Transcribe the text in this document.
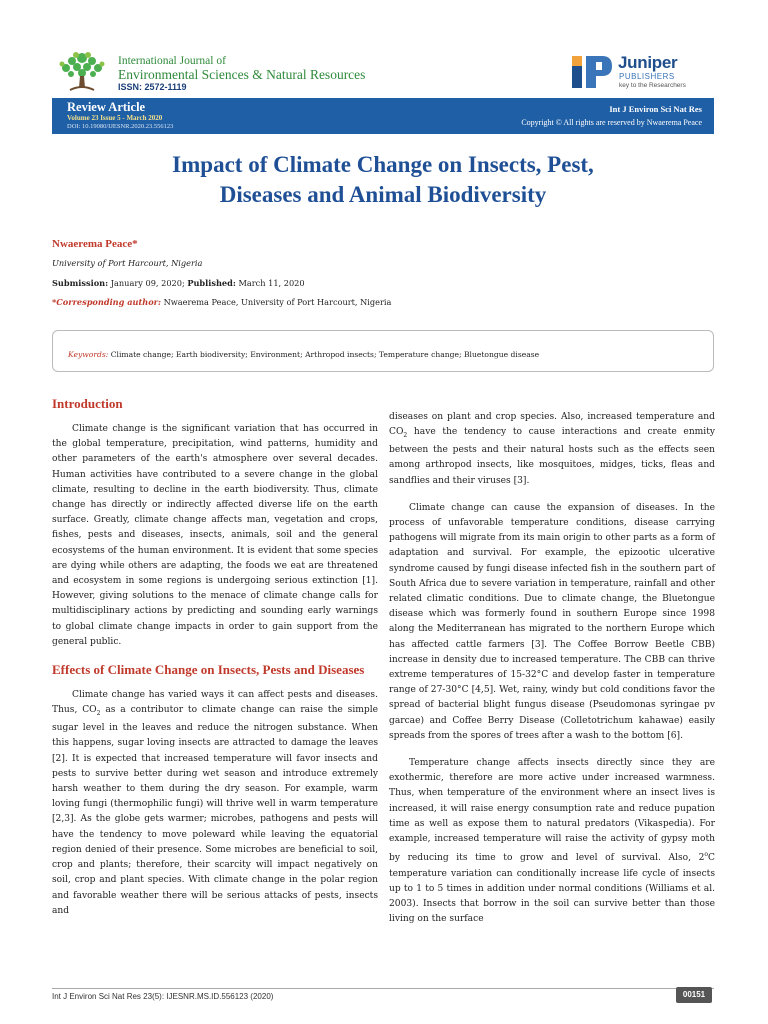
International Journal of
Environmental Sciences & Natural Resources
ISSN: 2572-1119
Juniper
PUBLISHERS
key to the Researchers
Review Article
Volume 23 Issue 5 - March 2020
DOI: 10.19080/IJESNR.2020.23.556123
Int J Environ Sci Nat Res
Copyright © All rights are reserved by Nwaerema Peace
Impact of Climate Change on Insects, Pest,
Diseases and Animal Biodiversity
Nwaerema Peace*
University of Port Harcourt, Nigeria
Submission: January 09, 2020; Published: March 11, 2020
*Corresponding author: Nwaerema Peace, University of Port Harcourt, Nigeria
Keywords: Climate change; Earth biodiversity; Environment; Arthropod insects; Temperature change; Bluetongue disease
Introduction

Climate change is the significant variation that has occurred in the global temperature, precipitation, wind patterns, humidity and other parameters of the earth's atmosphere over several decades. Human activities have contributed to a severe change in the global climate, resulting to decline in the earth biodiversity. Thus, climate change has directly or indirectly affected diverse life on the earth surface. Greatly, climate change affects man, vegetation and crops, fishes, pests and diseases, insects, animals, soil and the general ecosystems of the human environment. It is evident that some species are dying while others are adapting, the foods we eat are threatened and ecosystem in some regions is undergoing serious extinction [1]. However, giving solutions to the menace of climate change calls for multidisciplinary actions by predicting and sounding early warnings to global climate change impacts in order to gain support from the general public.

Effects of Climate Change on Insects, Pests and Diseases

Climate change has varied ways it can affect pests and diseases. Thus, $CO_2$ as a contributor to climate change can raise the simple sugar level in the leaves and reduce the nitrogen substance. When this happens, sugar loving insects are attracted to damage the leaves [2]. It is expected that increased temperature will favor insects and pests to survive better during wet season and introduce extremely harsh weather to them during the dry season. For example, warm loving fungi (thermophilic fungi) will thrive well in warm temperature [2,3]. As the globe gets warmer; microbes, pathogens and pests will have the tendency to move poleward while leaving the equatorial region denied of their presence. Some microbes are beneficial to soil, crop and plants; therefore, their scarcity will impact negatively on soil, crop and plant species. With climate change in the polar region and favorable weather there will be serious attacks of pests, insects and

diseases on plant and crop species. Also, increased temperature and $CO_2$ have the tendency to cause interactions and create enmity between the pests and their natural hosts such as the effects seen among arthropod insects, like mosquitoes, midges, ticks, fleas and sandflies and their viruses [3].

Climate change can cause the expansion of diseases. In the process of unfavorable temperature conditions, disease carrying pathogens will migrate from its main origin to other parts as a form of adaptation and survival. For example, the epizootic ulcerative syndrome caused by fungi disease infected fish in the southern part of South Africa due to severe variation in temperature, rainfall and other related climatic conditions. Due to climate change, the Bluetongue disease which was formerly found in southern Europe since 1998 along the Mediterranean has migrated to the northern Europe which has affected cattle farmers [3]. The Coffee Borrow Beetle CBB) increase in density due to increased temperature. The CBB can thrive extreme temperatures of 15-32°C and develop faster in temperature range of 27-30°C [4,5]. Wet, rainy, windy but cold conditions favor the spread of bacterial blight fungus disease (Pseudomonas syringae pv garcae) and Coffee Berry Disease (Colletotrichum kahawae) easily spreads from the spores of trees after a wash to the bottom [6].

Temperature change affects insects directly since they are exothermic, therefore are more active under increased warmness. Thus, when temperature of the environment where an insect lives is increased, it will raise energy consumption rate and reduce pupation time as well as expose them to natural predators (Vikaspedia). For example, increased temperature will raise the activity of gypsy moth by reducing its time to grow and level of survival. Also, 2$^o$C temperature variation can conditionally increase life cycle of insects up to 1 to 5 times in addition under normal conditions (Williams et al. 2003). Insects that borrow in the soil can survive better than those living on the surface

Int J Environ Sci Nat Res 23(5): IJESNR.MS.ID.556123 (2020)	00151
